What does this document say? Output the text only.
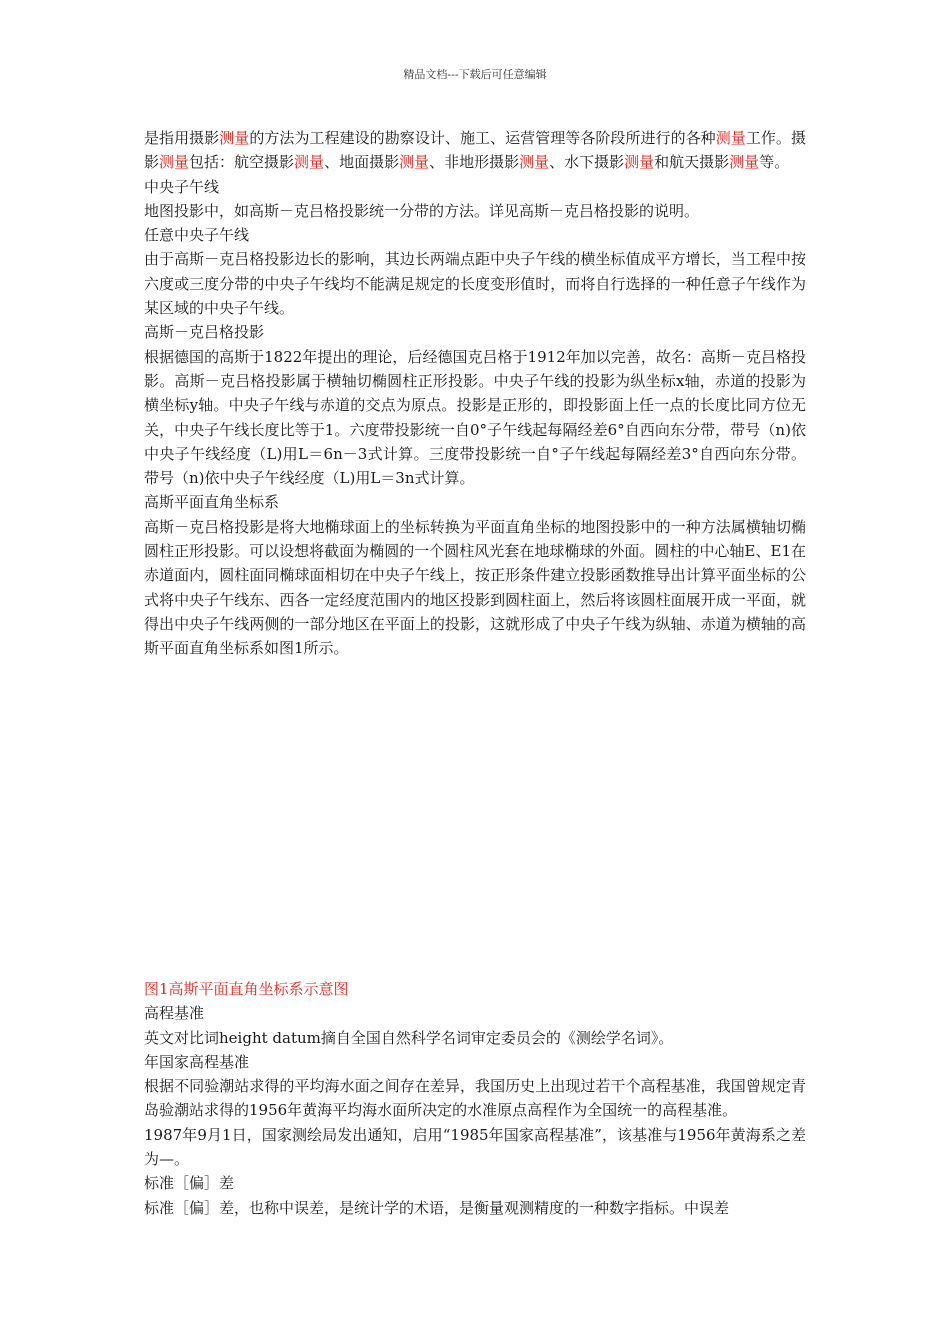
精品文档---下载后可任意编辑

是指用摄影测量的方法为工程建设的勘察设计、施工、运营管理等各阶段所进行的各种测量工作。摄影测量包括：航空摄影测量、地面摄影测量、非地形摄影测量、水下摄影测量和航天摄影测量等。

中央子午线

地图投影中，如高斯－克吕格投影统一分带的方法。详见高斯－克吕格投影的说明。

任意中央子午线

由于高斯－克吕格投影边长的影响，其边长两端点距中央子午线的横坐标值成平方增长，当工程中按六度或三度分带的中央子午线均不能满足规定的长度变形值时，而将自行选择的一种任意子午线作为某区域的中央子午线。

高斯－克吕格投影

根据德国的高斯于1822年提出的理论，后经德国克吕格于1912年加以完善，故名：高斯－克吕格投影。高斯－克吕格投影属于横轴切椭圆柱正形投影。中央子午线的投影为纵坐标x轴，赤道的投影为横坐标y轴。中央子午线与赤道的交点为原点。投影是正形的，即投影面上任一点的长度比同方位无关，中央子午线长度比等于1。六度带投影统一自0°子午线起每隔经差6°自西向东分带，带号（n)依中央子午线经度（L)用L＝6n－3式计算。三度带投影统一自°子午线起每隔经差3°自西向东分带。带号（n)依中央子午线经度（L)用L＝3n式计算。

高斯平面直角坐标系

高斯－克吕格投影是将大地椭球面上的坐标转换为平面直角坐标的地图投影中的一种方法属横轴切椭圆柱正形投影。可以设想将截面为椭圆的一个圆柱风光套在地球椭球的外面。圆柱的中心轴E、E1在赤道面内，圆柱面同椭球面相切在中央子午线上，按正形条件建立投影函数推导出计算平面坐标的公式将中央子午线东、西各一定经度范围内的地区投影到圆柱面上，然后将该圆柱面展开成一平面，就得出中央子午线两侧的一部分地区在平面上的投影，这就形成了中央子午线为纵轴、赤道为横轴的高斯平面直角坐标系如图1所示。

图1高斯平面直角坐标系示意图

高程基准

英文对比词height datum摘自全国自然科学名词审定委员会的《测绘学名词》。

年国家高程基准

根据不同验潮站求得的平均海水面之间存在差异，我国历史上出现过若干个高程基准，我国曾规定青岛验潮站求得的1956年黄海平均海水面所决定的水准原点高程作为全国统一的高程基准。

1987年9月1日，国家测绘局发出通知，启用“1985年国家高程基准”，该基准与1956年黄海系之差为—。

标准［偏］差

标准［偏］差，也称中误差，是统计学的术语，是衡量观测精度的一种数字指标。中误差
